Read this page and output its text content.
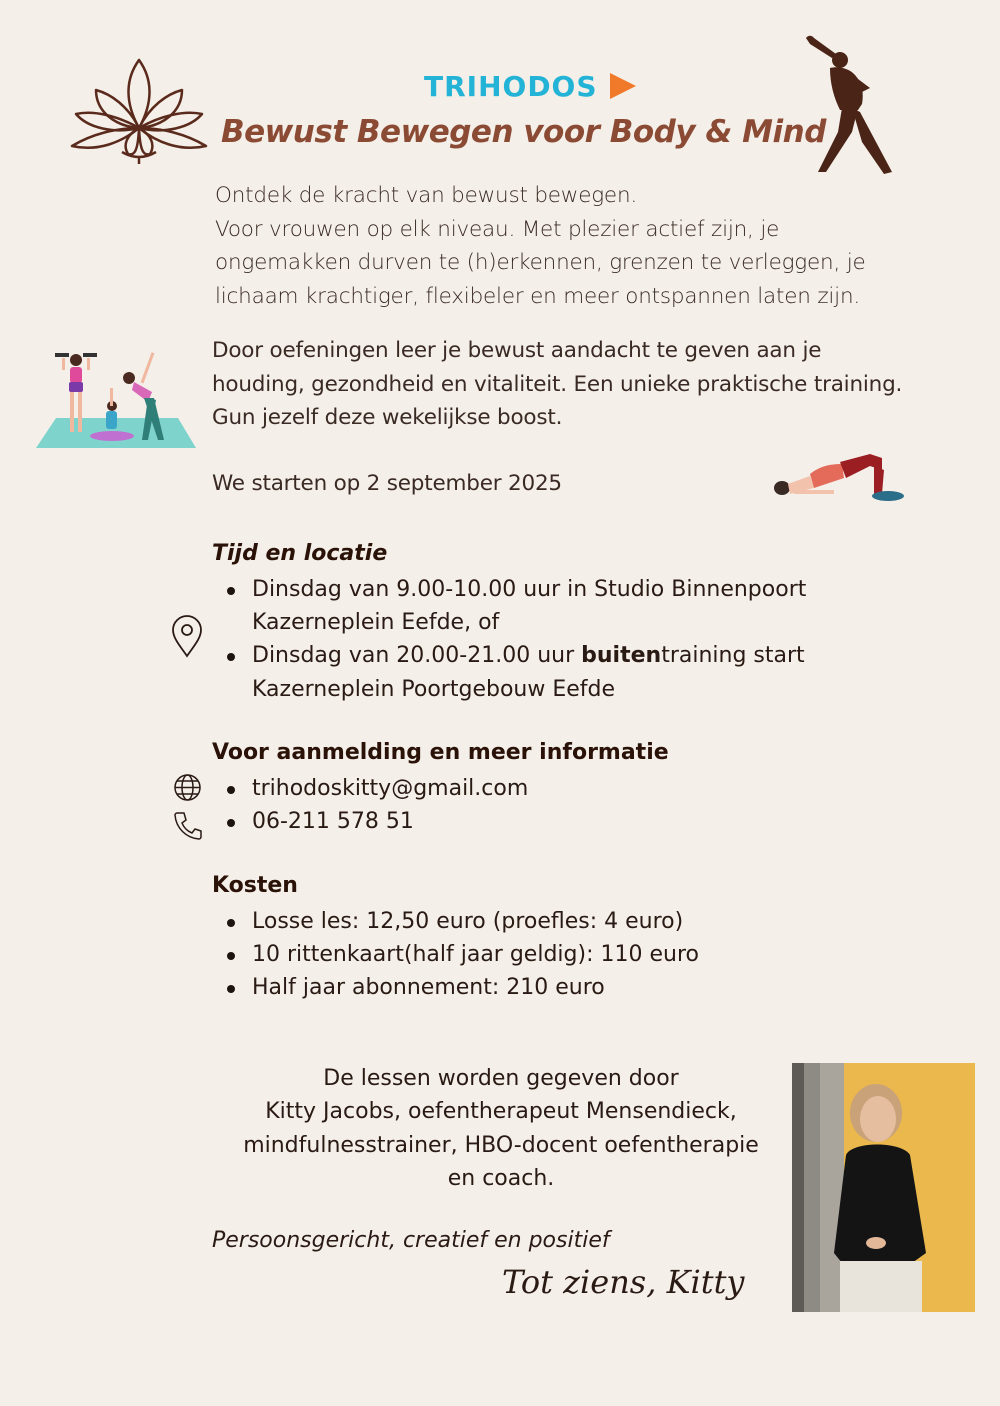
TRIHODOS
Bewust Bewegen voor Body & Mind
Ontdek de kracht van bewust bewegen.
Voor vrouwen op elk niveau. Met plezier actief zijn, je
ongemakken durven te (h)erkennen, grenzen te verleggen, je
lichaam krachtiger, flexibeler en meer ontspannen laten zijn.
Door oefeningen leer je bewust aandacht te geven aan je
houding, gezondheid en vitaliteit. Een unieke praktische training.
Gun jezelf deze wekelijkse boost.
We starten op 2 september 2025
Tijd en locatie
Dinsdag van 9.00-10.00 uur in Studio Binnenpoort
Kazerneplein Eefde, of
Dinsdag van 20.00-21.00 uur buitentraining start
Kazerneplein Poortgebouw Eefde
Voor aanmelding en meer informatie
trihodoskitty@gmail.com
06-211 578 51
Kosten
Losse les: 12,50 euro (proefles: 4 euro)
10 rittenkaart(half jaar geldig): 110 euro
Half jaar abonnement: 210 euro
De lessen worden gegeven door
Kitty Jacobs, oefentherapeut Mensendieck,
mindfulnesstrainer, HBO-docent oefentherapie
en coach.
Persoonsgericht, creatief en positief
Tot ziens, Kitty
